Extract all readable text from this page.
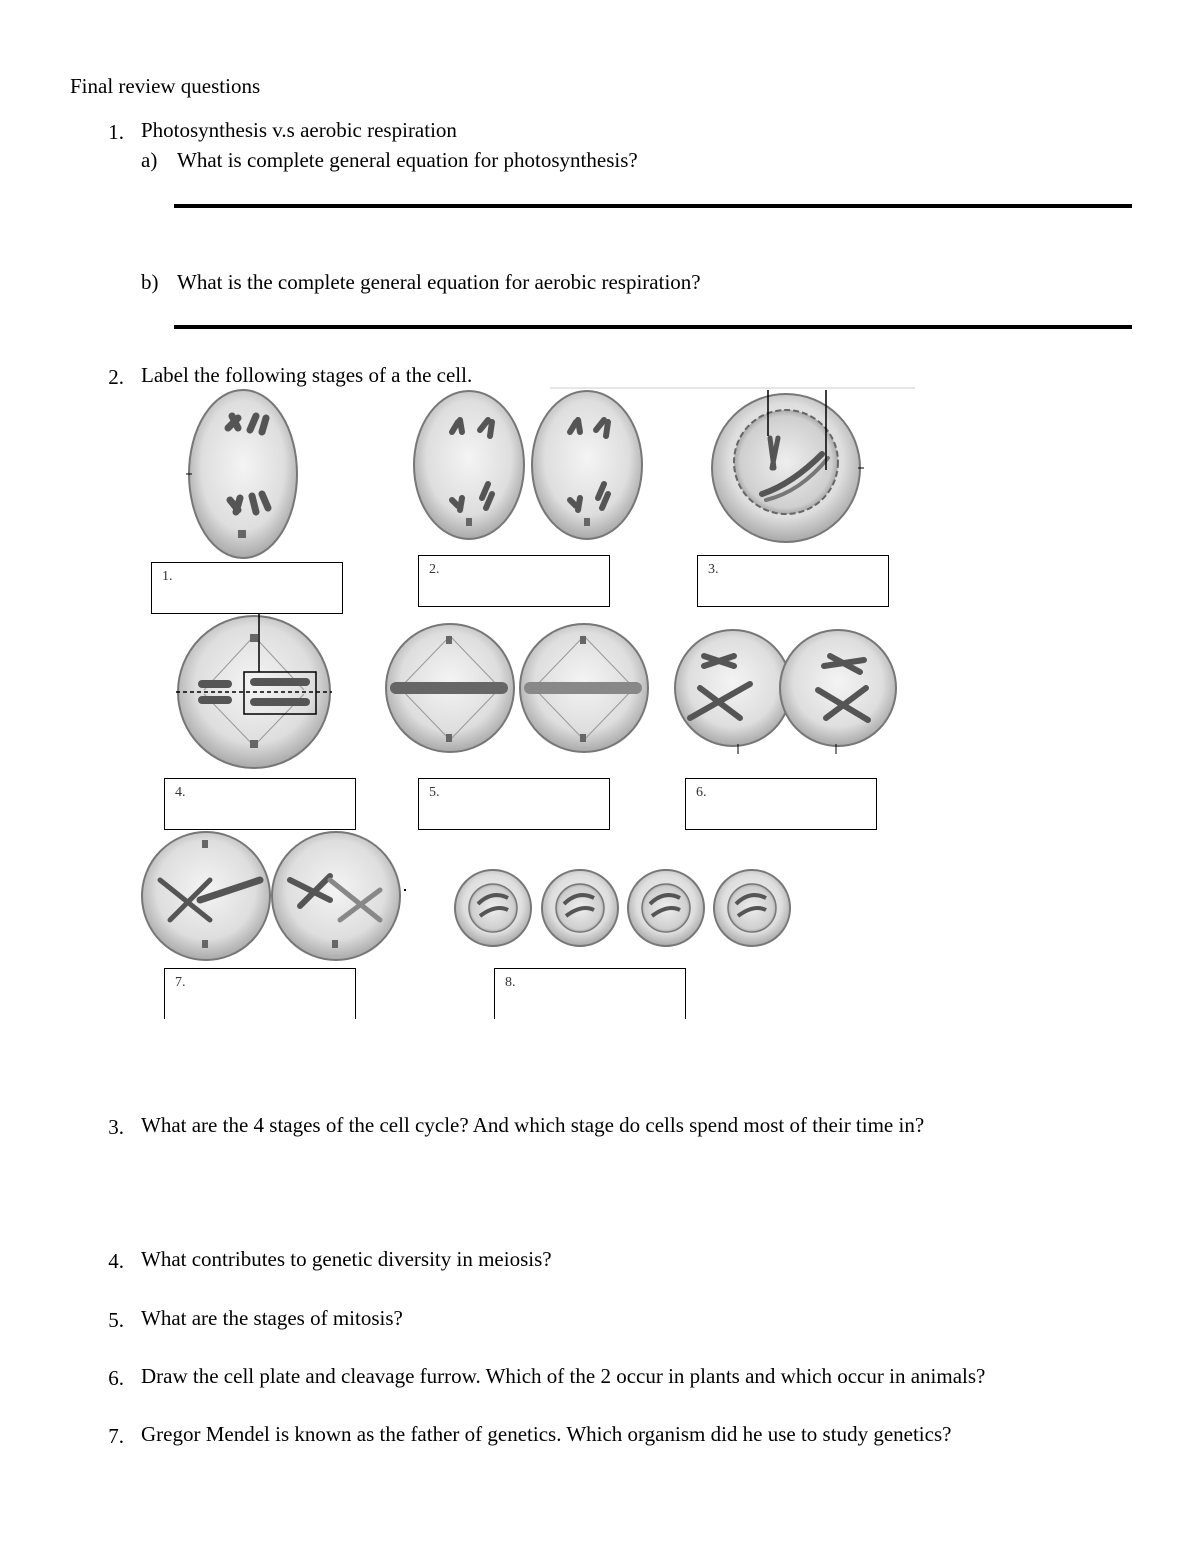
Final review questions
1. Photosynthesis v.s aerobic respiration
a) What is complete general equation for photosynthesis?
b) What is the complete general equation for aerobic respiration?
2. Label the following stages of a the cell.
1.	2.	3.
4.	5.	6.
7.	8.
3. What are the 4 stages of the cell cycle? And which stage do cells spend most of their time in?
4. What contributes to genetic diversity in meiosis?
5. What are the stages of mitosis?
6. Draw the cell plate and cleavage furrow. Which of the 2 occur in plants and which occur in animals?
7. Gregor Mendel is known as the father of genetics. Which organism did he use to study genetics?
